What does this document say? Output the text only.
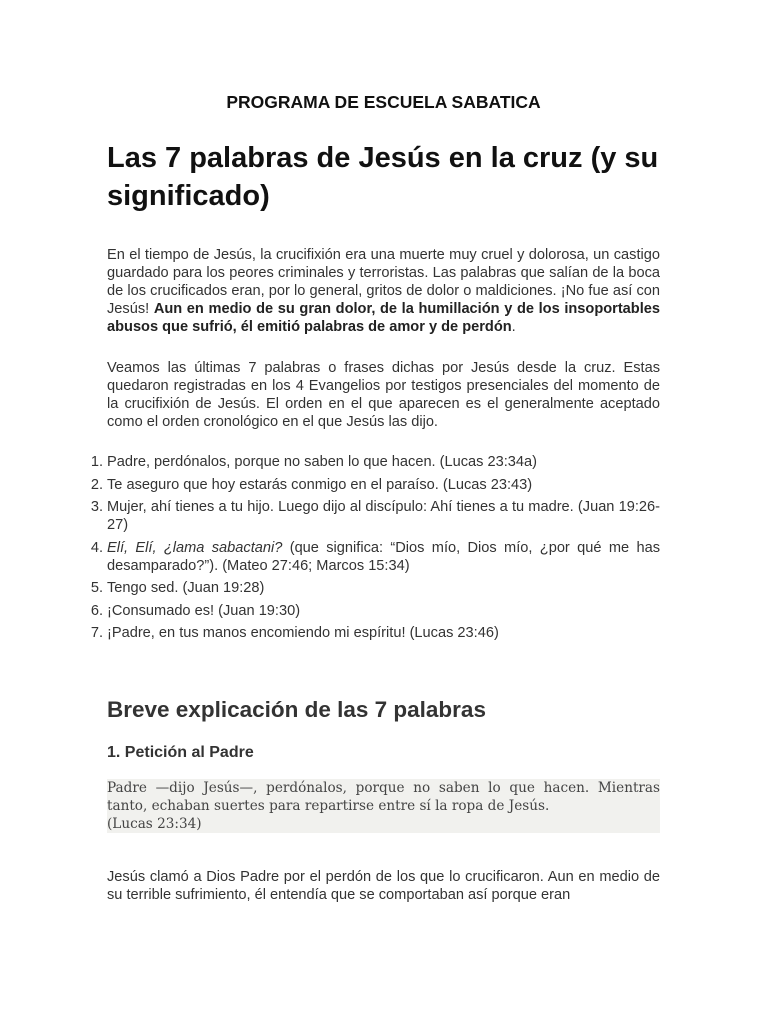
PROGRAMA DE ESCUELA SABATICA
Las 7 palabras de Jesús en la cruz (y su significado)

En el tiempo de Jesús, la crucifixión era una muerte muy cruel y dolorosa, un castigo guardado para los peores criminales y terroristas. Las palabras que salían de la boca de los crucificados eran, por lo general, gritos de dolor o maldiciones. ¡No fue así con Jesús! Aun en medio de su gran dolor, de la humillación y de los insoportables abusos que sufrió, él emitió palabras de amor y de perdón.

Veamos las últimas 7 palabras o frases dichas por Jesús desde la cruz. Estas quedaron registradas en los 4 Evangelios por testigos presenciales del momento de la crucifixión de Jesús. El orden en el que aparecen es el generalmente aceptado como el orden cronológico en el que Jesús las dijo.

1. Padre, perdónalos, porque no saben lo que hacen. (Lucas 23:34a)
2. Te aseguro que hoy estarás conmigo en el paraíso. (Lucas 23:43)
3. Mujer, ahí tienes a tu hijo. Luego dijo al discípulo: Ahí tienes a tu madre. (Juan 19:26-27)
4. Elí, Elí, ¿lama sabactani? (que significa: “Dios mío, Dios mío, ¿por qué me has desamparado?”). (Mateo 27:46; Marcos 15:34)
5. Tengo sed. (Juan 19:28)
6. ¡Consumado es! (Juan 19:30)
7. ¡Padre, en tus manos encomiendo mi espíritu! (Lucas 23:46)
Breve explicación de las 7 palabras
1. Petición al Padre
Padre —dijo Jesús—, perdónalos, porque no saben lo que hacen. Mientras tanto, echaban suertes para repartirse entre sí la ropa de Jesús.
(Lucas 23:34)

Jesús clamó a Dios Padre por el perdón de los que lo crucificaron. Aun en medio de su terrible sufrimiento, él entendía que se comportaban así porque eran
